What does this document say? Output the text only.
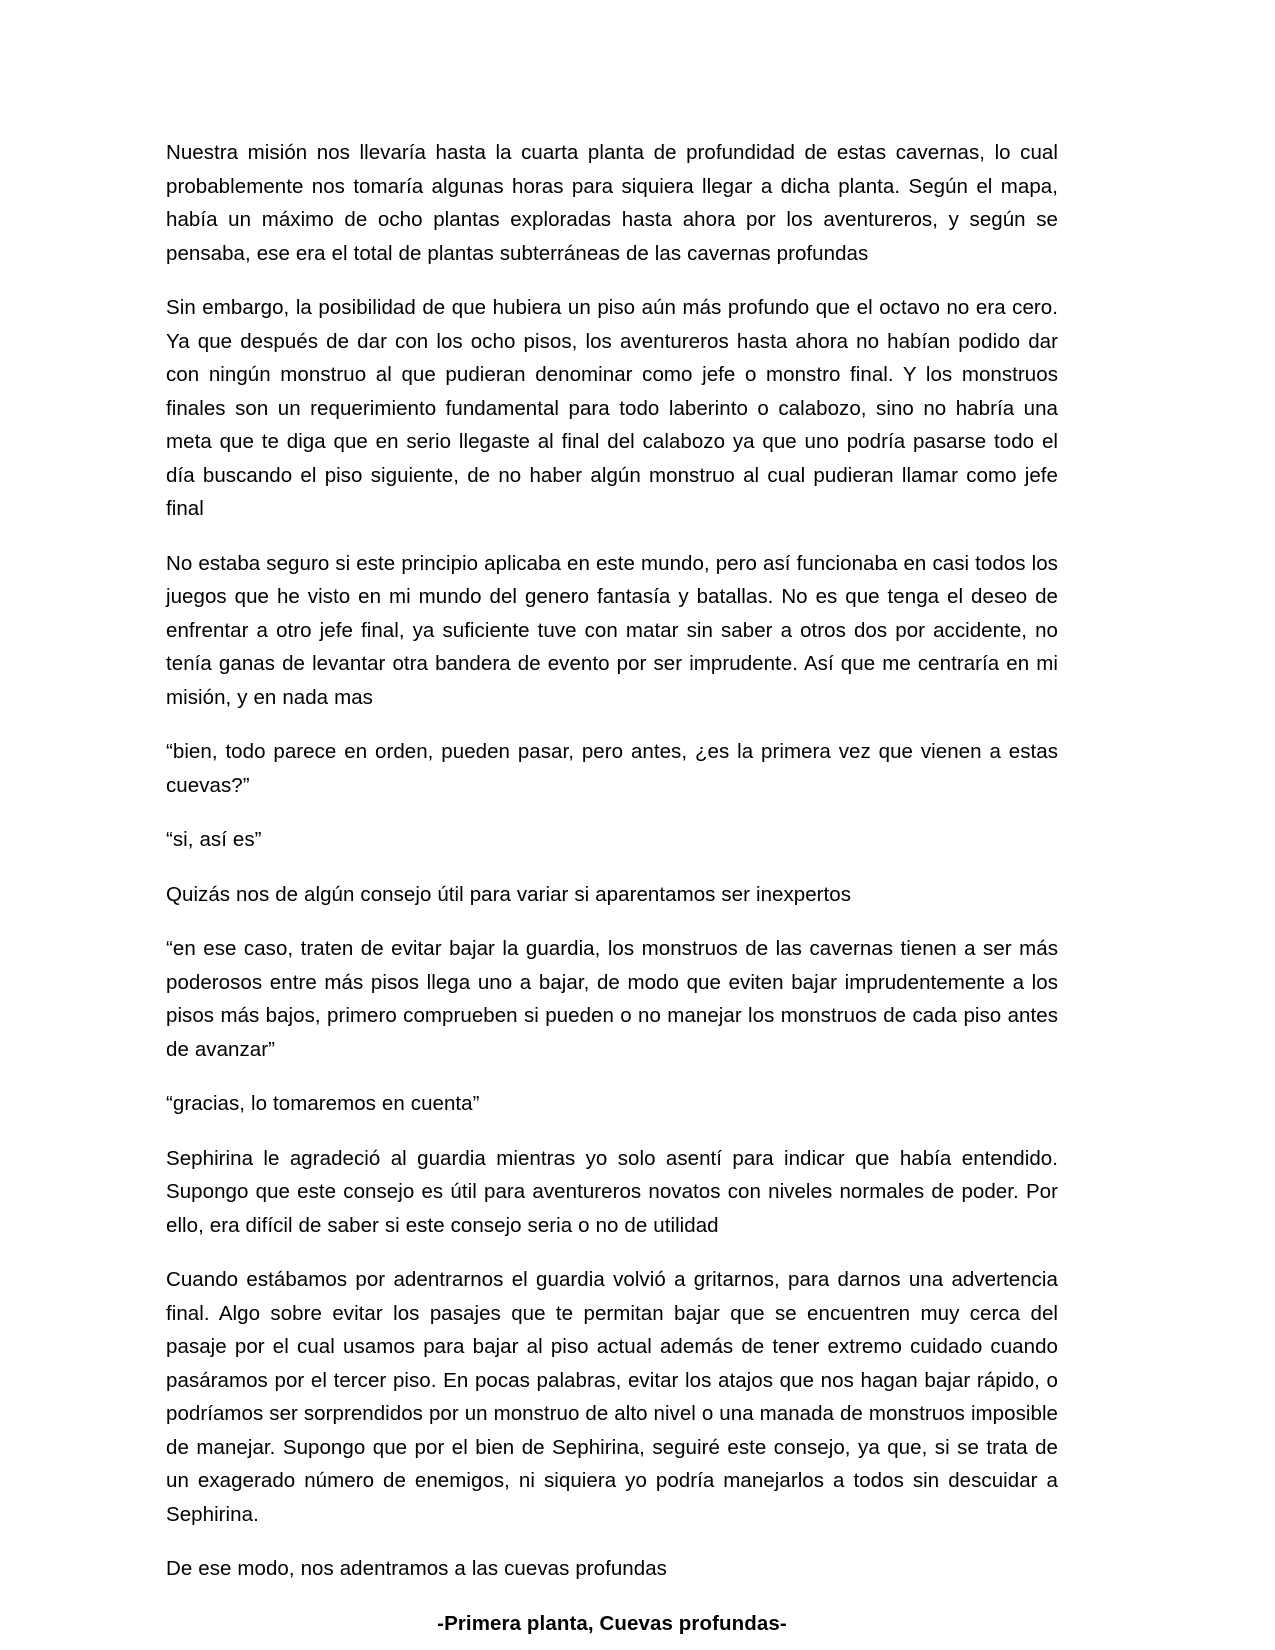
Nuestra misión nos llevaría hasta la cuarta planta de profundidad de estas cavernas, lo cual probablemente nos tomaría algunas horas para siquiera llegar a dicha planta. Según el mapa, había un máximo de ocho plantas exploradas hasta ahora por los aventureros, y según se pensaba, ese era el total de plantas subterráneas de las cavernas profundas

Sin embargo, la posibilidad de que hubiera un piso aún más profundo que el octavo no era cero. Ya que después de dar con los ocho pisos, los aventureros hasta ahora no habían podido dar con ningún monstruo al que pudieran denominar como jefe o monstro final. Y los monstruos finales son un requerimiento fundamental para todo laberinto o calabozo, sino no habría una meta que te diga que en serio llegaste al final del calabozo ya que uno podría pasarse todo el día buscando el piso siguiente, de no haber algún monstruo al cual pudieran llamar como jefe final

No estaba seguro si este principio aplicaba en este mundo, pero así funcionaba en casi todos los juegos que he visto en mi mundo del genero fantasía y batallas. No es que tenga el deseo de enfrentar a otro jefe final, ya suficiente tuve con matar sin saber a otros dos por accidente, no tenía ganas de levantar otra bandera de evento por ser imprudente. Así que me centraría en mi misión, y en nada mas

“bien, todo parece en orden, pueden pasar, pero antes, ¿es la primera vez que vienen a estas cuevas?”

“si, así es”

Quizás nos de algún consejo útil para variar si aparentamos ser inexpertos

“en ese caso, traten de evitar bajar la guardia, los monstruos de las cavernas tienen a ser más poderosos entre más pisos llega uno a bajar, de modo que eviten bajar imprudentemente a los pisos más bajos, primero comprueben si pueden o no manejar los monstruos de cada piso antes de avanzar”

“gracias, lo tomaremos en cuenta”

Sephirina le agradeció al guardia mientras yo solo asentí para indicar que había entendido. Supongo que este consejo es útil para aventureros novatos con niveles normales de poder. Por ello, era difícil de saber si este consejo seria o no de utilidad

Cuando estábamos por adentrarnos el guardia volvió a gritarnos, para darnos una advertencia final. Algo sobre evitar los pasajes que te permitan bajar que se encuentren muy cerca del pasaje por el cual usamos para bajar al piso actual además de tener extremo cuidado cuando pasáramos por el tercer piso. En pocas palabras, evitar los atajos que nos hagan bajar rápido, o podríamos ser sorprendidos por un monstruo de alto nivel o una manada de monstruos imposible de manejar. Supongo que por el bien de Sephirina, seguiré este consejo, ya que, si se trata de un exagerado número de enemigos, ni siquiera yo podría manejarlos a todos sin descuidar a Sephirina.

De ese modo, nos adentramos a las cuevas profundas

-Primera planta, Cuevas profundas-
